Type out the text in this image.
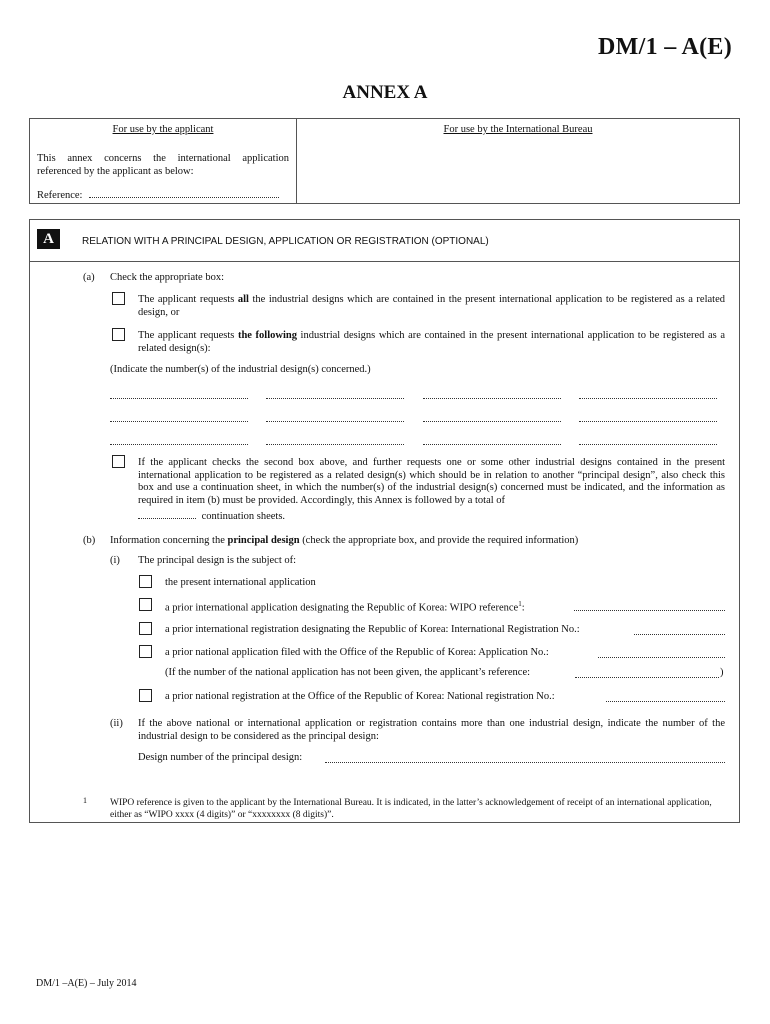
DM/1 – A(E)
ANNEX A
For use by the applicant
This annex concerns the international application referenced by the applicant as below:
Reference:
For use by the International Bureau
A	RELATION WITH A PRINCIPAL DESIGN, APPLICATION OR REGISTRATION (OPTIONAL)
(a) Check the appropriate box:
The applicant requests all the industrial designs which are contained in the present international application to be registered as a related design, or
The applicant requests the following industrial designs which are contained in the present international application to be registered as a related design(s):
(Indicate the number(s) of the industrial design(s) concerned.)
If the applicant checks the second box above, and further requests one or some other industrial designs contained in the present international application to be registered as a related design(s) which should be in relation to another “principal design”, also check this box and use a continuation sheet, in which the number(s) of the industrial design(s) concerned must be indicated, and the information as required in item (b) must be provided. Accordingly, this Annex is followed by a total of
continuation sheets.
(b) Information concerning the principal design (check the appropriate box, and provide the required information)
(i) The principal design is the subject of:
the present international application
a prior international application designating the Republic of Korea: WIPO reference$^1$:
a prior international registration designating the Republic of Korea: International Registration No.:
a prior national application filed with the Office of the Republic of Korea: Application No.:
(If the number of the national application has not been given, the applicant’s reference:	)
a prior national registration at the Office of the Republic of Korea: National registration No.:
(ii) If the above national or international application or registration contains more than one industrial design, indicate the number of the industrial design to be considered as the principal design:
Design number of the principal design:
1 WIPO reference is given to the applicant by the International Bureau. It is indicated, in the latter’s acknowledgement of receipt of an international application, either as “WIPO xxxx (4 digits)” or “xxxxxxxx (8 digits)”.
DM/1 –A(E) – July 2014
